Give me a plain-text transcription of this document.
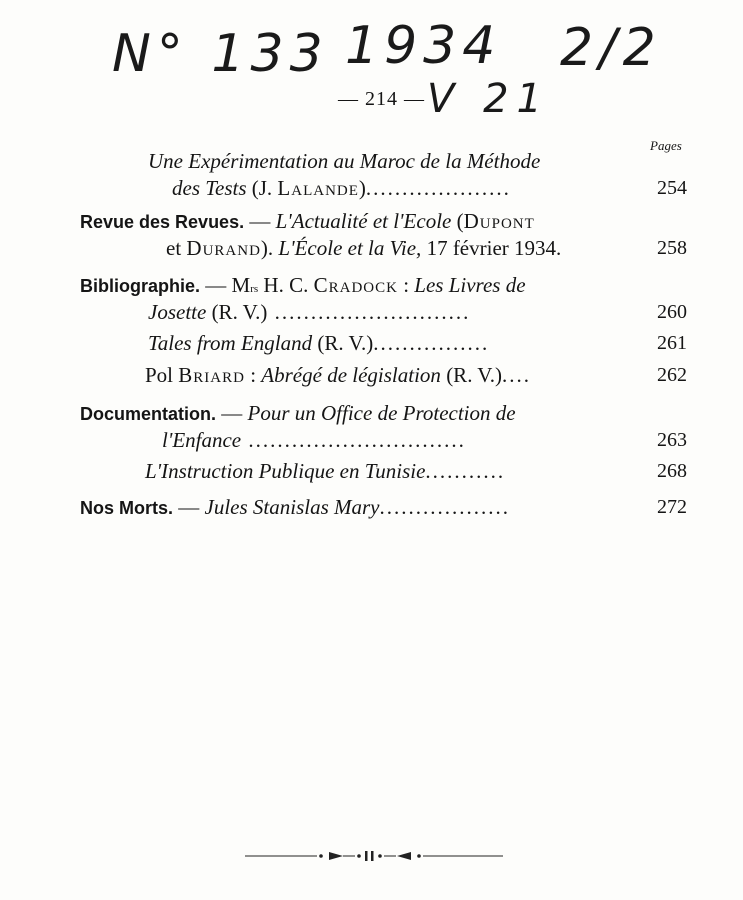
N° 133 1934 2/2
V 21
— 214 —
Pages
Une Expérimentation au Maroc de la Méthode
des Tests (J. Lalande)....................	254
Revue des Revues. — L'Actualité et l'Ecole (Dupont
et Durand). L'École et la Vie, 17 février 1934.	258
Bibliographie. — Mrs H. C. Cradock : Les Livres de
Josette (R. V.) ...........................	260
Tales from England (R. V.)................	261
Pol Briard : Abrégé de législation (R. V.)....	262
Documentation. — Pour un Office de Protection de
l'Enfance ..............................	263
L'Instruction Publique en Tunisie...........	268
Nos Morts. — Jules Stanislas Mary..................	272
